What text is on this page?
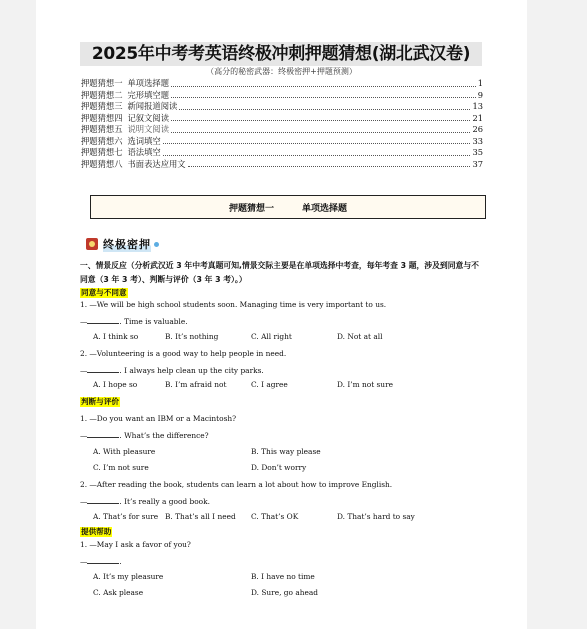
2025年中考考英语终极冲刺押题猜想(湖北武汉卷)
（高分的秘密武器：终极密押+押题预测）
押题猜想一 单项选择题	1
押题猜想二 完形填空题	9
押题猜想三 新闻报道阅读	13
押题猜想四 记叙文阅读	21
押题猜想五 说明文阅读	26
押题猜想六 选词填空	33
押题猜想七 语法填空	35
押题猜想八 书面表达应用文	37
押题猜想一	单项选择题
终极密押
一、情景反应（分析武汉近 3 年中考真题可知,情景交际主要是在单项选择中考查，每年考查 3 题，涉及到同意与不同意（3 年 3 考）、判断与评价（3 年 3 考）。）
同意与不同意
1. —We will be high school students soon. Managing time is very important to us.
—	. Time is valuable.
A. I think so	B. It’s nothing	C. All right	D. Not at all
2. —Volunteering is a good way to help people in need.
—	. I always help clean up the city parks.
A. I hope so	B. I’m afraid not	C. I agree	D. I’m not sure
判断与评价
1. —Do you want an IBM or a Macintosh?
—	. What’s the difference?
A. With pleasure	B. This way please
C. I’m not sure	D. Don’t worry
2. —After reading the book, students can learn a lot about how to improve English.
—	. It’s really a good book.
A. That’s for sure B. That’s all I need C. That’s OK	D. That’s hard to say
提供帮助
1. —May I ask a favor of you?
—	.
A. It’s my pleasure	B. I have no time
C. Ask please	D. Sure, go ahead
